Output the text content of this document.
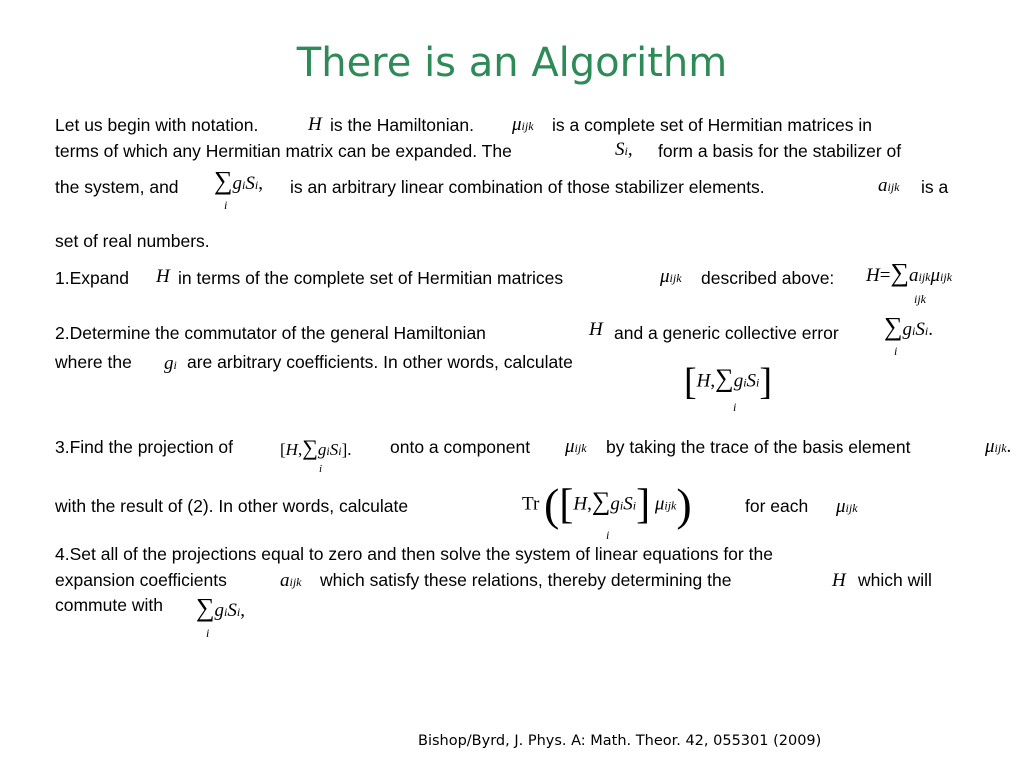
There is an Algorithm
Let us begin with notation.	H is the Hamiltonian. μijk is a complete set of Hermitian matrices in
terms of which any Hermitian matrix can be expanded. The	Si, form a basis for the stabilizer of
the system, and ∑giSi,
i
is an arbitrary linear combination of those stabilizer elements.	aijk is a
set of real numbers.
1.Expand H in terms of the complete set of Hermitian matrices	μijk described above: H=∑aijkμijk
ijk
2.Determine the commutator of the general Hamiltonian	H and a generic collective error ∑giSi.
i
where the gi are arbitrary coefficients. In other words, calculate	[H,∑giSi]
i
3.Find the projection of	[H,∑giSi].
i
onto a component μijk by taking the trace of the basis element	μijk.
with the result of (2). In other words, calculate	Tr ([H,∑giSi] μijk)
i
for each μijk
4.Set all of the projections equal to zero and then solve the system of linear equations for the
expansion coefficients	aijk which satisfy these relations, thereby determining the	H which will
commute with ∑giSi,
i
Bishop/Byrd, J. Phys. A: Math. Theor. 42, 055301 (2009)
